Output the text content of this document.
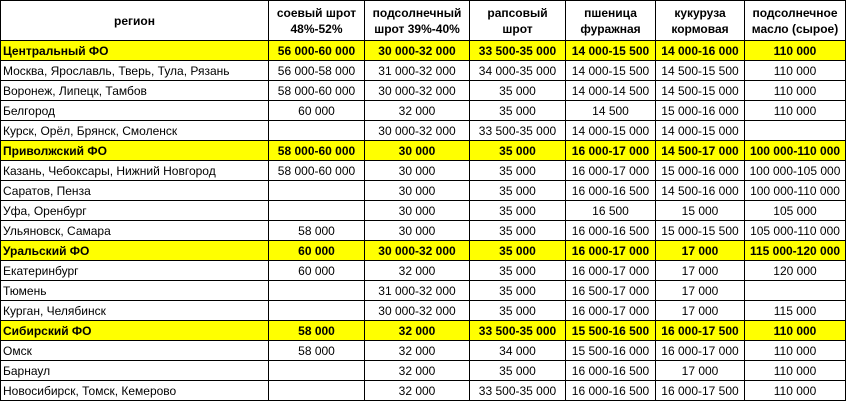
регион	соевый шрот 48%-52%	подсолнечный шрот 39%-40%	рапсовый шрот	пшеница фуражная	кукуруза кормовая	подсолнечное масло (сырое)
Центральный ФО	56 000-60 000	30 000-32 000	33 500-35 000	14 000-15 500	14 000-16 000	110 000
Москва, Ярославль, Тверь, Тула, Рязань	56 000-58 000	31 000-32 000	34 000-35 000	14 000-15 500	14 500-15 500	110 000
Воронеж, Липецк, Тамбов	58 000-60 000	30 000-32 000	35 000	14 000-14 500	14 500-15 000	110 000
Белгород	60 000	32 000	35 000	14 500	15 000-16 000	110 000
Курск, Орёл, Брянск, Смоленск		30 000-32 000	33 500-35 000	14 000-15 000	14 000-15 000	
Приволжский ФО	58 000-60 000	30 000	35 000	16 000-17 000	14 500-17 000	100 000-110 000
Казань, Чебоксары, Нижний Новгород	58 000-60 000	30 000	35 000	16 000-17 000	15 000-16 000	100 000-105 000
Саратов, Пенза		30 000	35 000	16 000-16 500	14 500-16 000	100 000-110 000
Уфа, Оренбург		30 000	35 000	16 500	15 000	105 000
Ульяновск, Самара	58 000	30 000	35 000	16 000-16 500	15 000-15 500	105 000-110 000
Уральский ФО	60 000	30 000-32 000	35 000	16 000-17 000	17 000	115 000-120 000
Екатеринбург	60 000	32 000	35 000	16 000-17 000	17 000	120 000
Тюмень		31 000-32 000	35 000	16 500-17 000	17 000	
Курган, Челябинск		30 000-32 000	35 000	16 000-17 000	17 000	115 000
Сибирский ФО	58 000	32 000	33 500-35 000	15 500-16 500	16 000-17 500	110 000
Омск	58 000	32 000	34 000	15 500-16 000	16 000-17 000	110 000
Барнаул		32 000	35 000	16 000-16 500	17 000	110 000
Новосибирск, Томск, Кемерово		32 000	33 500-35 000	16 000-16 500	16 000-17 500	110 000
